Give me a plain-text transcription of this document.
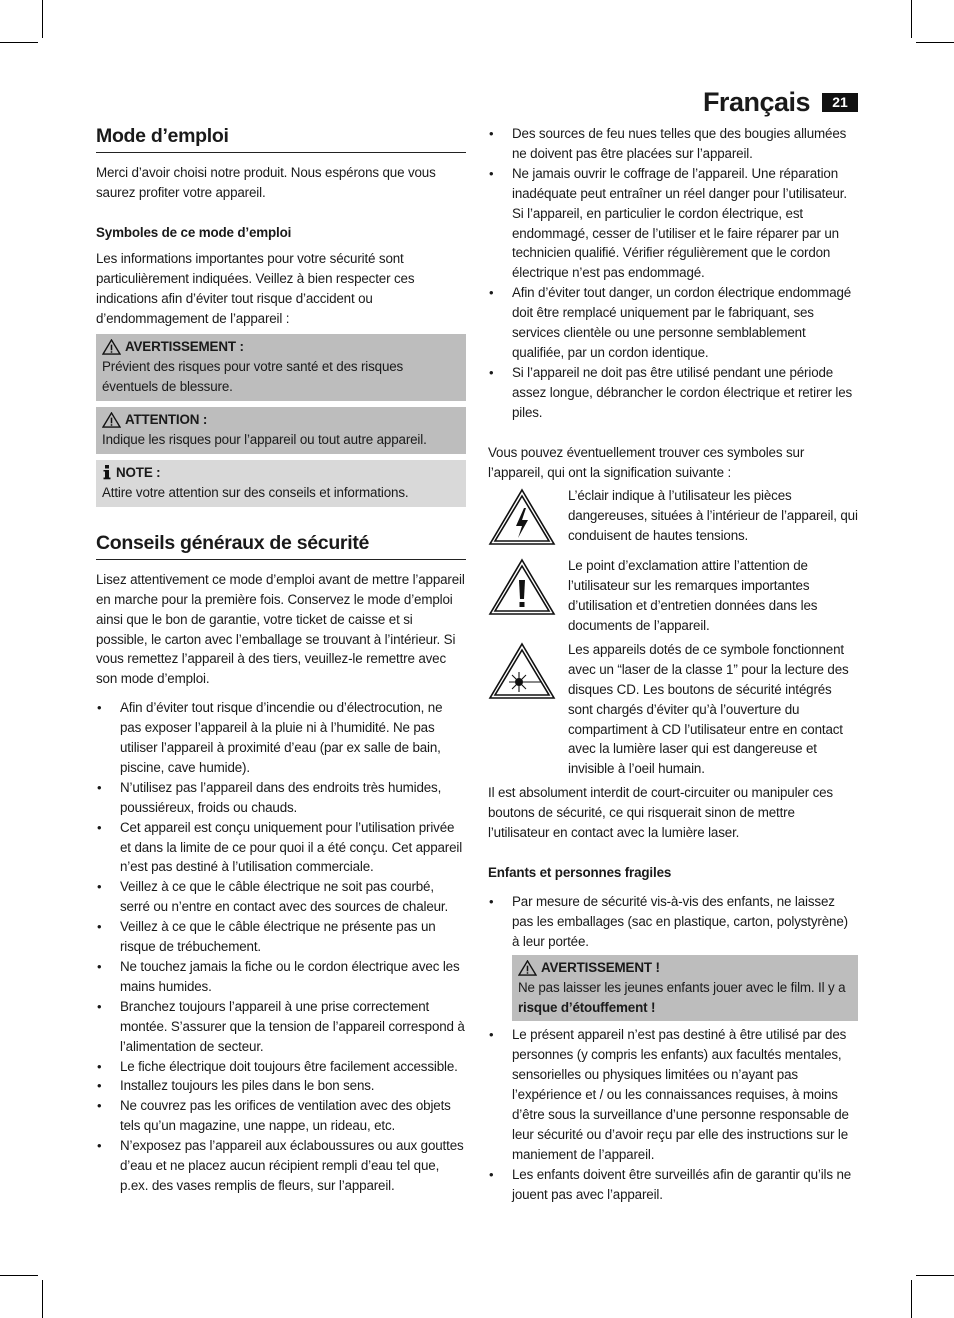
Français	21
Mode d’emploi

Merci d’avoir choisi notre produit. Nous espérons que vous saurez profiter votre appareil.

Symboles de ce mode d’emploi

Les informations importantes pour votre sécurité sont particulièrement indiquées. Veillez à bien respecter ces indications afin d’éviter tout risque d’accident ou d’endommagement de l’appareil :

AVERTISSEMENT :

Prévient des risques pour votre santé et des risques éventuels de blessure.

ATTENTION :

Indique les risques pour l’appareil ou tout autre appareil.

NOTE :

Attire votre attention sur des conseils et informations.

Conseils généraux de sécurité

Lisez attentivement ce mode d’emploi avant de mettre l’appareil en marche pour la première fois. Conservez le mode d’emploi ainsi que le bon de garantie, votre ticket de caisse et si possible, le carton avec l’emballage se trouvant à l’intérieur. Si vous remettez l’appareil à des tiers, veuillez-le remettre avec son mode d’emploi.

• Afin d’éviter tout risque d’incendie ou d’électrocution, ne pas exposer l’appareil à la pluie ni à l’humidité. Ne pas utiliser l’appareil à proximité d’eau (par ex salle de bain, piscine, cave humide).
• N’utilisez pas l’appareil dans des endroits très humides, poussiéreux, froids ou chauds.
• Cet appareil est conçu uniquement pour l’utilisation privée et dans la limite de ce pour quoi il a été conçu. Cet appareil n’est pas destiné à l’utilisation commerciale.
• Veillez à ce que le câble électrique ne soit pas courbé, serré ou n’entre en contact avec des sources de chaleur.
• Veillez à ce que le câble électrique ne présente pas un risque de trébuchement.
• Ne touchez jamais la fiche ou le cordon électrique avec les mains humides.
• Branchez toujours l’appareil à une prise correctement montée. S’assurer que la tension de l’appareil correspond à l’alimentation de secteur.
• Le fiche électrique doit toujours être facilement accessible.
• Installez toujours les piles dans le bon sens.
• Ne couvrez pas les orifices de ventilation avec des objets tels qu’un magazine, une nappe, un rideau, etc.
• N’exposez pas l’appareil aux éclaboussures ou aux gouttes d’eau et ne placez aucun récipient rempli d’eau tel que, p.ex. des vases remplis de fleurs, sur l’appareil.
• Des sources de feu nues telles que des bougies allumées ne doivent pas être placées sur l’appareil.
• Ne jamais ouvrir le coffrage de l’appareil. Une réparation inadéquate peut entraîner un réel danger pour l’utilisateur. Si l’appareil, en particulier le cordon électrique, est endommagé, cesser de l’utiliser et le faire réparer par un technicien qualifié. Vérifier régulièrement que le cordon électrique n’est pas endommagé.
• Afin d’éviter tout danger, un cordon électrique endommagé doit être remplacé uniquement par le fabriquant, ses services clientèle ou une personne semblablement qualifiée, par un cordon identique.
• Si l’appareil ne doit pas être utilisé pendant une période assez longue, débrancher le cordon électrique et retirer les piles.

Vous pouvez éventuellement trouver ces symboles sur l’appareil, qui ont la signification suivante :

L’éclair indique à l’utilisateur les pièces dangereuses, situées à l’intérieur de l’appareil, qui conduisent de hautes tensions.

Le point d’exclamation attire l’attention de l’utilisateur sur les remarques importantes d’utilisation et d’entretien données dans les documents de l’appareil.

Les appareils dotés de ce symbole fonctionnent avec un “laser de la classe 1” pour la lecture des disques CD. Les boutons de sécurité intégrés sont chargés d’éviter qu’à l’ouverture du compartiment à CD l’utilisateur entre en contact avec la lumière laser qui est dangereuse et invisible à l’oeil humain.

Il est absolument interdit de court-circuiter ou manipuler ces boutons de sécurité, ce qui risquerait sinon de mettre l’utilisateur en contact avec la lumière laser.

Enfants et personnes fragiles
• Par mesure de sécurité vis-à-vis des enfants, ne laissez pas les emballages (sac en plastique, carton, polystyrène) à leur portée.
AVERTISSEMENT !

Ne pas laisser les jeunes enfants jouer avec le film. Il y a
risque d’étouffement !

• Le présent appareil n’est pas destiné à être utilisé par des personnes (y compris les enfants) aux facultés mentales, sensorielles ou physiques limitées ou n’ayant pas l’expérience et / ou les connaissances requises, à moins d’être sous la surveillance d’une personne responsable de leur sécurité ou d’avoir reçu par elle des instructions sur le maniement de l’appareil.
• Les enfants doivent être surveillés afin de garantir qu’ils ne jouent pas avec l’appareil.
